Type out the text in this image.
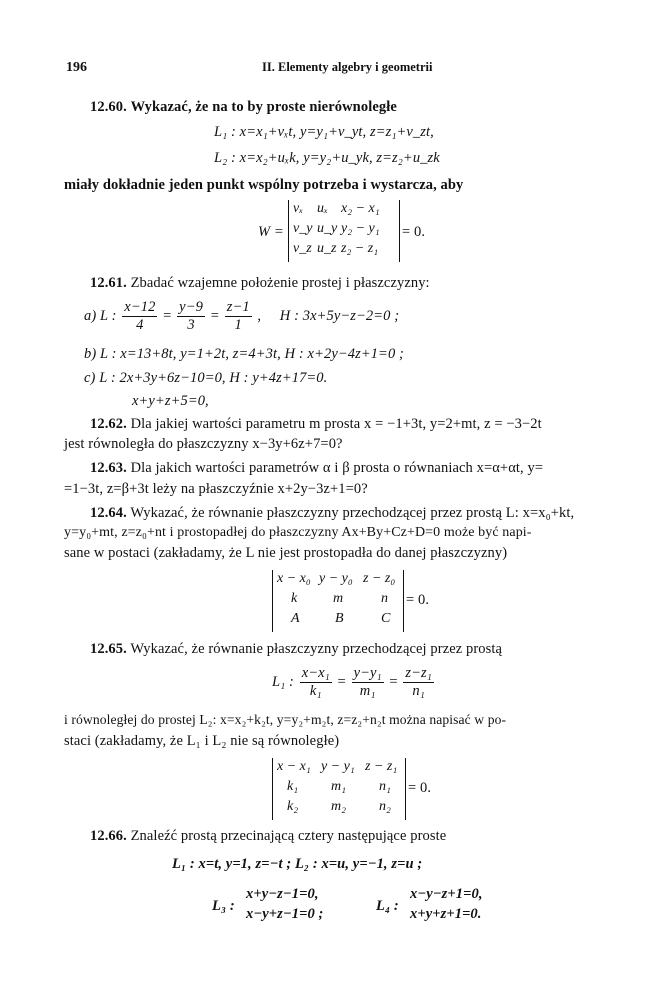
196	II. Elementy algebry i geometrii
12.60. Wykazać, że na to by proste nierównoległe
L₁ : x=x₁+vₓt, y=y₁+v_yt, z=z₁+v_zt,
L₂ : x=x₂+uₓk, y=y₂+u_yk, z=z₂+u_zk
miały dokładnie jeden punkt wspólny potrzeba i wystarcza, aby
W =
vₓ uₓ x₂ − x₁
v_y u_y y₂ − y₁
v_z u_z z₂ − z₁
= 0.
12.61. Zbadać wzajemne położenie prostej i płaszczyzny:
a) L : $\frac{x-12}{4} = \frac{y-9}{3} = \frac{z-1}{1}$ ,     H : 3x+5y−z−2=0 ;
b) L : x=13+8t, y=1+2t, z=4+3t, H : x+2y−4z+1=0 ;
c) L : 2x+3y+6z−10=0, H : y+4z+17=0.
x+y+z+5=0,
12.62. Dla jakiej wartości parametru m prosta x = −1+3t, y=2+mt, z = −3−2t
jest równoległa do płaszczyzny x−3y+6z+7=0?
12.63. Dla jakich wartości parametrów α i β prosta o równaniach x=α+αt, y=
=1−3t, z=β+3t leży na płaszczyźnie x+2y−3z+1=0?
12.64. Wykazać, że równanie płaszczyzny przechodzącej przez prostą L: x=x₀+kt,
y=y₀+mt, z=z₀+nt i prostopadłej do płaszczyzny Ax+By+Cz+D=0 może być napi-
sane w postaci (zakładamy, że L nie jest prostopadła do danej płaszczyzny)
x − x₀ y − y₀ z − z₀
k	m	n
A	B	C
= 0.
12.65. Wykazać, że równanie płaszczyzny przechodzącej przez prostą
L₁ : $\frac{\text{x−x₁}}{\text{k₁}} = \frac{\text{y−y₁}}{\text{m₁}} = \frac{\text{z−z₁}}{\text{n₁}}$
i równoległej do prostej L₂: x=x₂+k₂t, y=y₂+m₂t, z=z₂+n₂t można napisać w po-
staci (zakładamy, że L₁ i L₂ nie są równoległe)
x − x₁ y − y₁ z − z₁
k₁ m₁ n₁
k₂ m₂ n₂
= 0.
12.66. Znaleźć prostą przecinającą cztery następujące proste
L₁ : x=t, y=1, z=−t ; L₂ : x=u, y=−1, z=u ;
L₃ :
x+y−z−1=0,
x−y+z−1=0 ;	L₄ :
x−y−z+1=0,
x+y+z+1=0.
